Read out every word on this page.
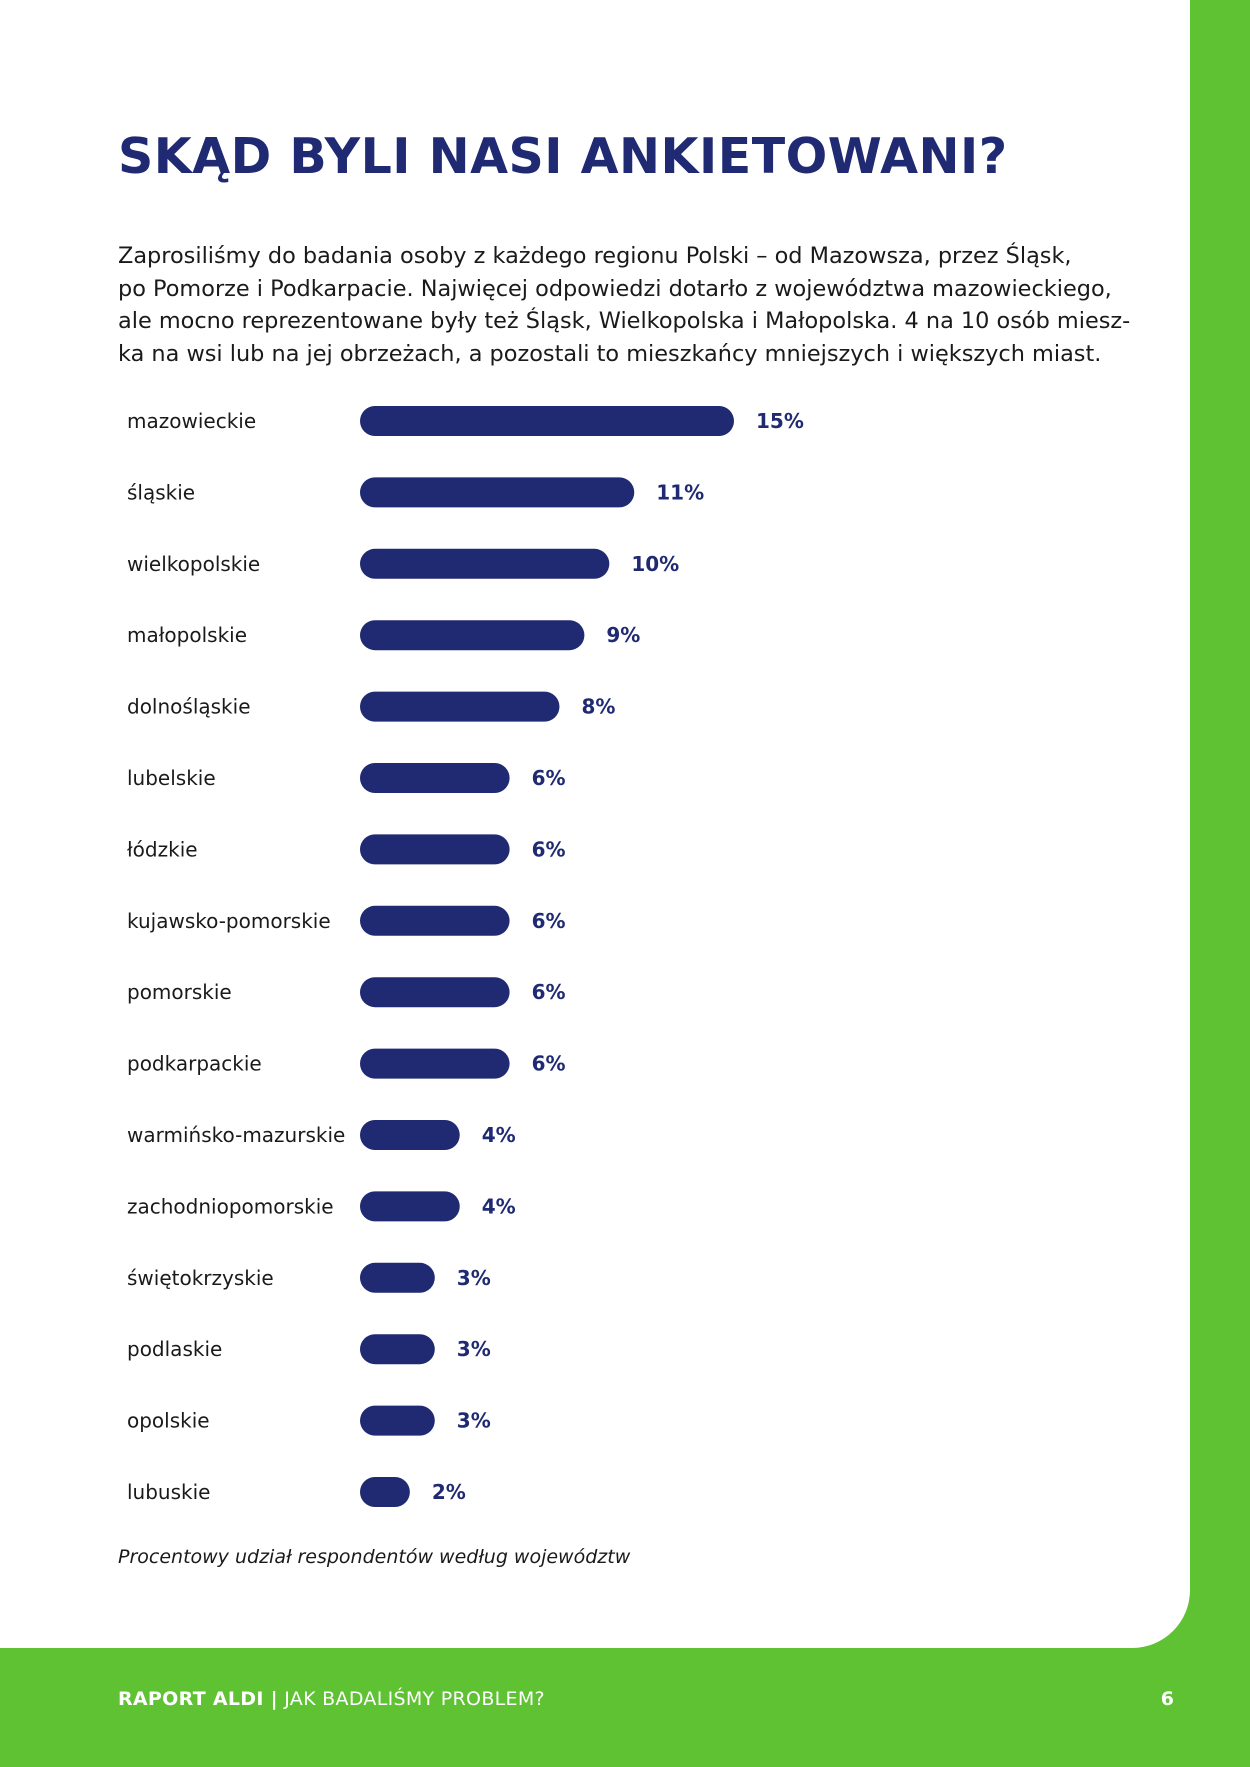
SKĄD BYLI NASI ANKIETOWANI?

Zaprosiliśmy do badania osoby z każdego regionu Polski – od Mazowsza, przez Śląsk,
po Pomorze i Podkarpacie. Najwięcej odpowiedzi dotarło z województwa mazowieckiego,
ale mocno reprezentowane były też Śląsk, Wielkopolska i Małopolska. 4 na 10 osób miesz-
ka na wsi lub na jej obrzeżach, a pozostali to mieszkańcy mniejszych i większych miast.

mazowieckie	15%
śląskie	11%
wielkopolskie	10%
małopolskie	9%
dolnośląskie	8%
lubelskie	6%
łódzkie	6%
kujawsko-pomorskie	6%
pomorskie	6%
podkarpackie	6%
warmińsko-mazurskie	4%
zachodniopomorskie	4%
świętokrzyskie	3%
podlaskie	3%
opolskie	3%
lubuskie	2%

Procentowy udział respondentów według województw

RAPORT ALDI | JAK BADALIŚMY PROBLEM?	6
